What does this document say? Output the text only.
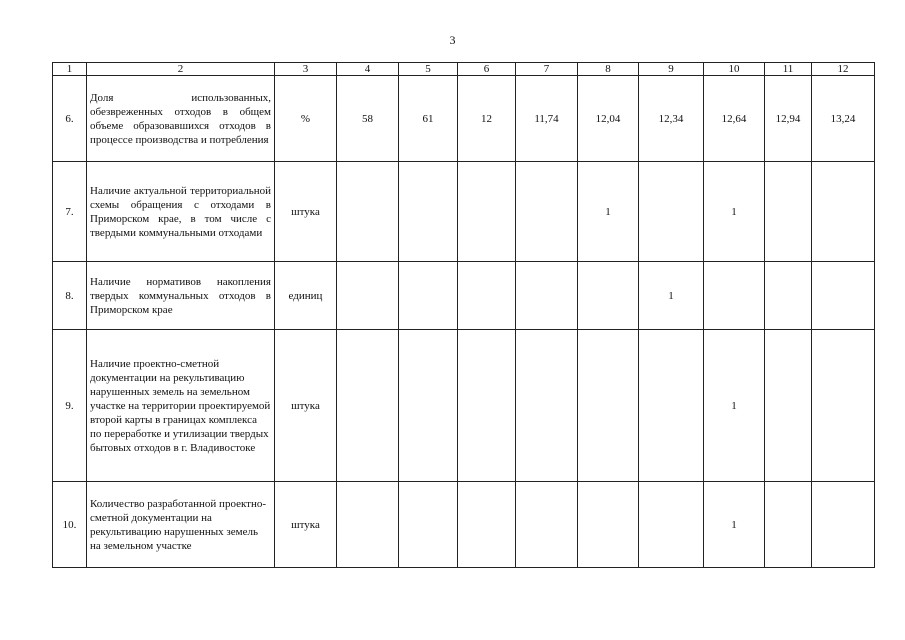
3
1	2	3	4	5	6	7	8	9	10	11	12
6.	Доля использованных, обезвреженных отходов в общем объеме образовавшихся отходов в процессе производства и потребления	%	58	61	12	11,74	12,04	12,34	12,64	12,94	13,24
7.	Наличие актуальной территориальной схемы обращения с отходами в Приморском крае, в том числе с твердыми коммунальными отходами	штука					1		1		
8.	Наличие нормативов накопления твердых коммунальных отходов в Приморском крае	единиц						1			
9.	Наличие проектно-сметной документации на рекультивацию нарушенных земель на земельном участке на территории проектируемой второй карты в границах комплекса по переработке и утилизации твердых бытовых отходов в г. Владивостоке	штука							1		
10.	Количество разработанной проектно-сметной документации на рекультивацию нарушенных земель на земельном участке	штука							1		
